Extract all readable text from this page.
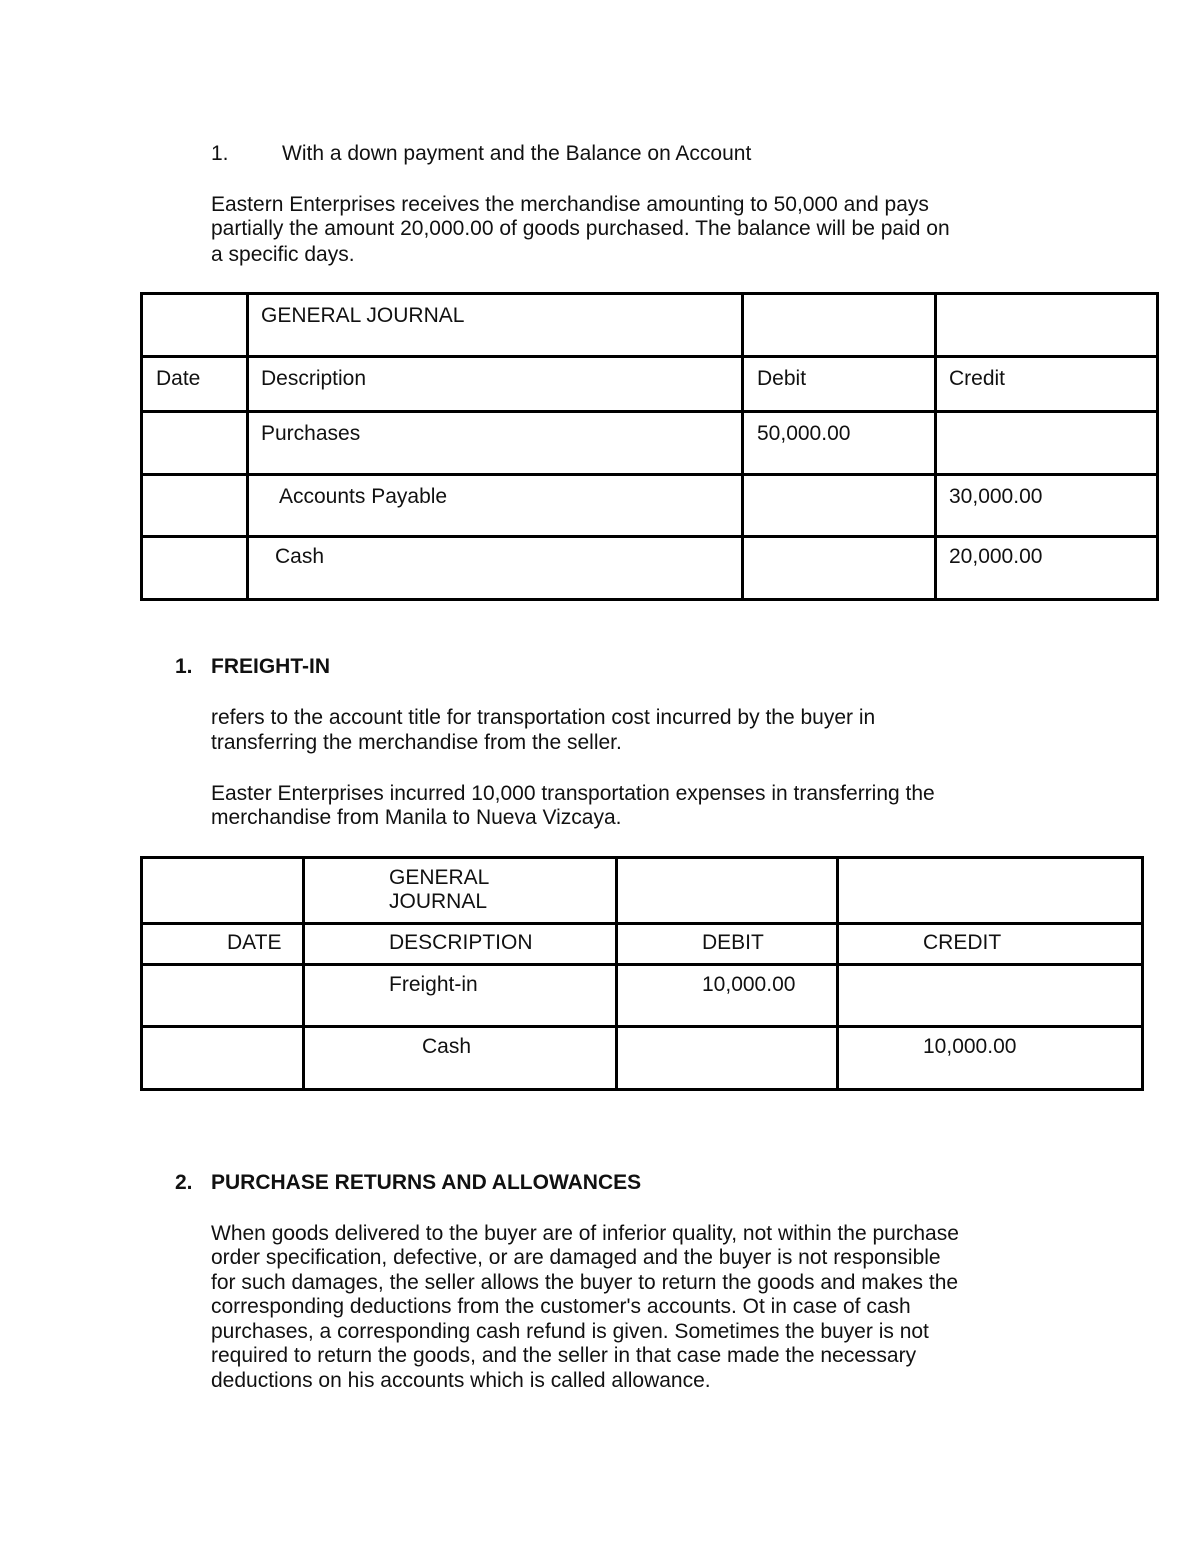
1.	With a down payment and the Balance on Account
Eastern Enterprises receives the merchandise amounting to 50,000 and pays
partially the amount 20,000.00 of goods purchased. The balance will be paid on
a specific days.

	GENERAL JOURNAL		

Date	Description	Debit	Credit

	Purchases	50,000.00	

	Accounts Payable		30,000.00

	Cash		20,000.00
1. FREIGHT-IN
refers to the account title for transportation cost incurred by the buyer in
transferring the merchandise from the seller.
Easter Enterprises incurred 10,000 transportation expenses in transferring the
merchandise from Manila to Nueva Vizcaya.

	GENERAL
JOURNAL		

DATE	DESCRIPTION	DEBIT	CREDIT

	Freight-in	10,000.00	

	Cash		10,000.00
2. PURCHASE RETURNS AND ALLOWANCES
When goods delivered to the buyer are of inferior quality, not within the purchase
order specification, defective, or are damaged and the buyer is not responsible
for such damages, the seller allows the buyer to return the goods and makes the
corresponding deductions from the customer's accounts. Ot in case of cash
purchases, a corresponding cash refund is given. Sometimes the buyer is not
required to return the goods, and the seller in that case made the necessary
deductions on his accounts which is called allowance.
